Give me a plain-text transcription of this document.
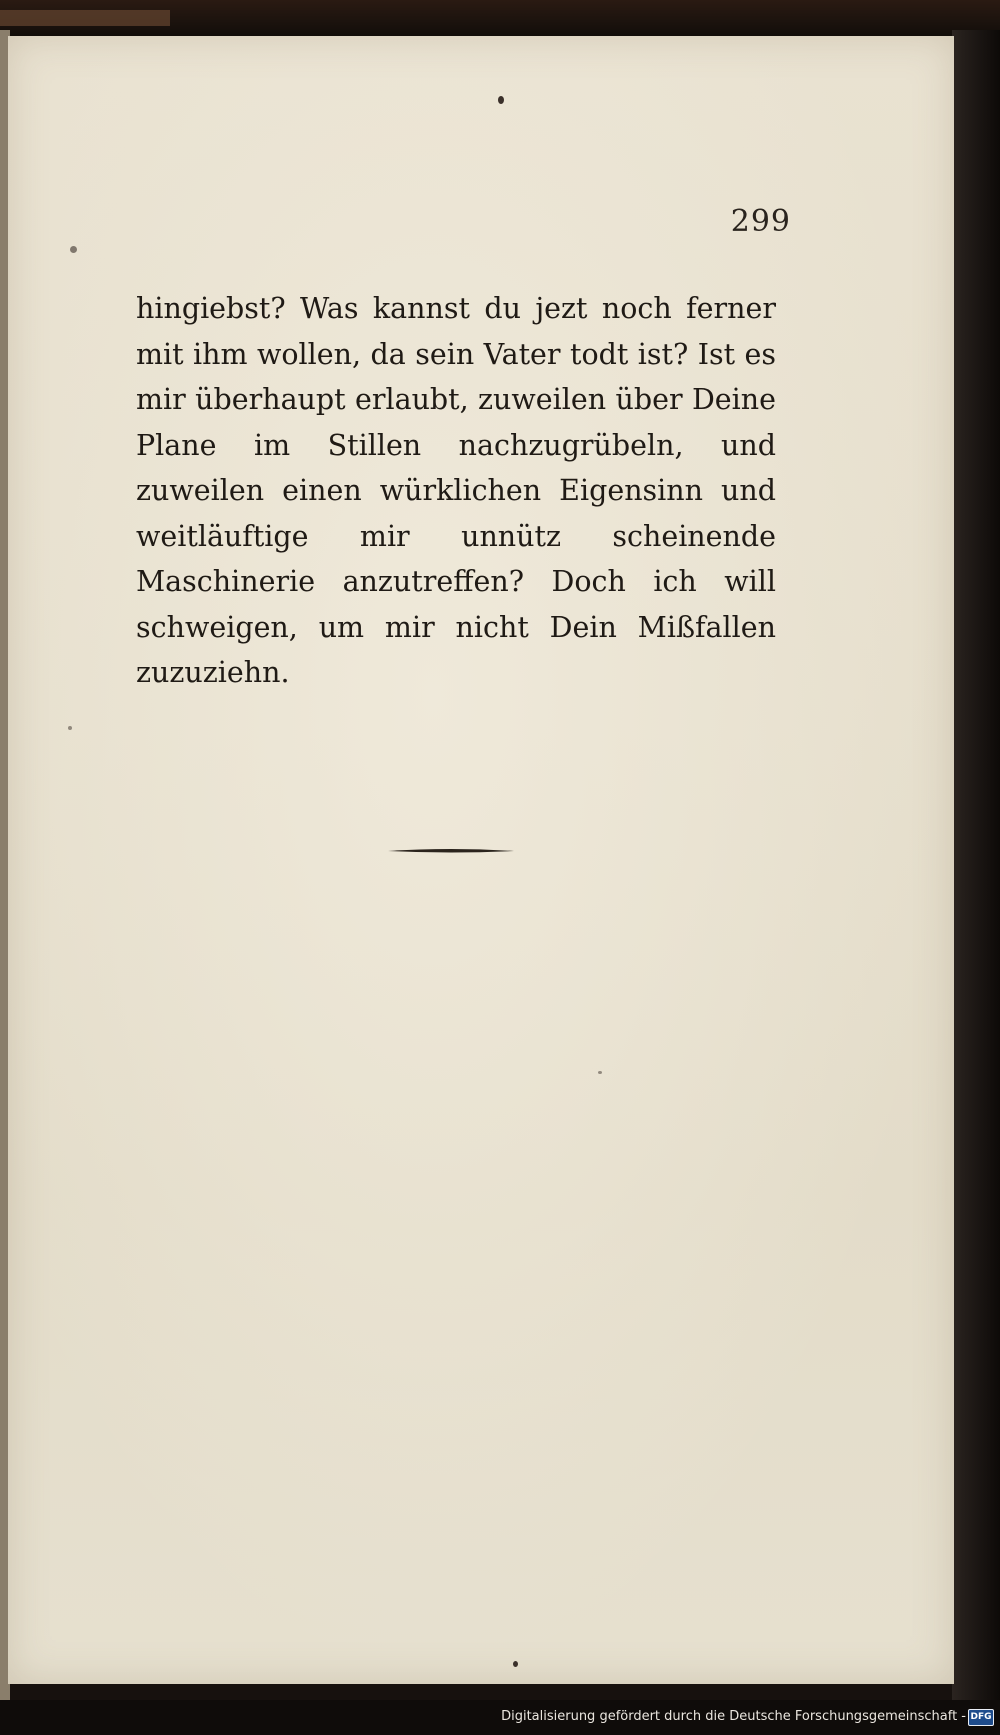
299

hingiebst? Was kannst du jezt noch ferner mit ihm wollen, da sein Vater todt ist? Ist es mir überhaupt erlaubt, zuweilen über Deine Plane im Stillen nachzugrübeln, und zuweilen einen würklichen Eigensinn und weitläuftige mir unnütz scheinende Maschinerie anzutreffen? Doch ich will schweigen, um mir nicht Dein Mißfallen zuzuziehn.

Digitalisierung gefördert durch die Deutsche Forschungsgemeinschaft - DFG
